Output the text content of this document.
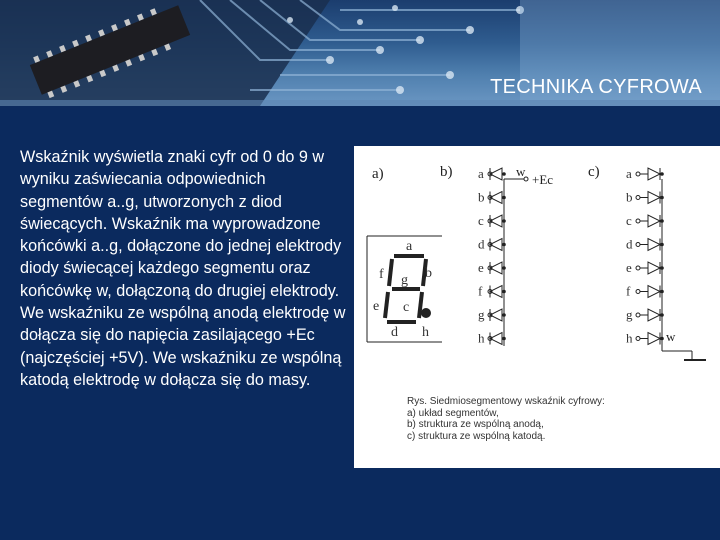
TECHNIKA CYFROWA
Wskaźnik wyświetla znaki cyfr od 0 do 9 w wyniku zaświecania odpowiednich segmentów a..g, utworzonych z diod świecących. Wskaźnik ma wyprowadzone końcówki a..g, dołączone do jednej elektrody diody świecącej każdego segmentu oraz końcówkę w, dołączoną do drugiej elektrody. We wskaźniku ze wspólną anodą elektrodę w dołącza się do napięcia zasilającego +Ec (najczęściej +5V). We wskaźniku ze wspólną katodą elektrodę w dołącza się do masy.
a)	b)	c)
a
b
c
d
e
f g
h
w
+Ec
a
b
c
d
e
f
g
h	w
a
b
c
d
e
f
g
h
Rys. Siedmiosegmentowy wskaźnik cyfrowy:
a) układ segmentów,
b) struktura ze wspólną anodą,
c) struktura ze wspólną katodą.
